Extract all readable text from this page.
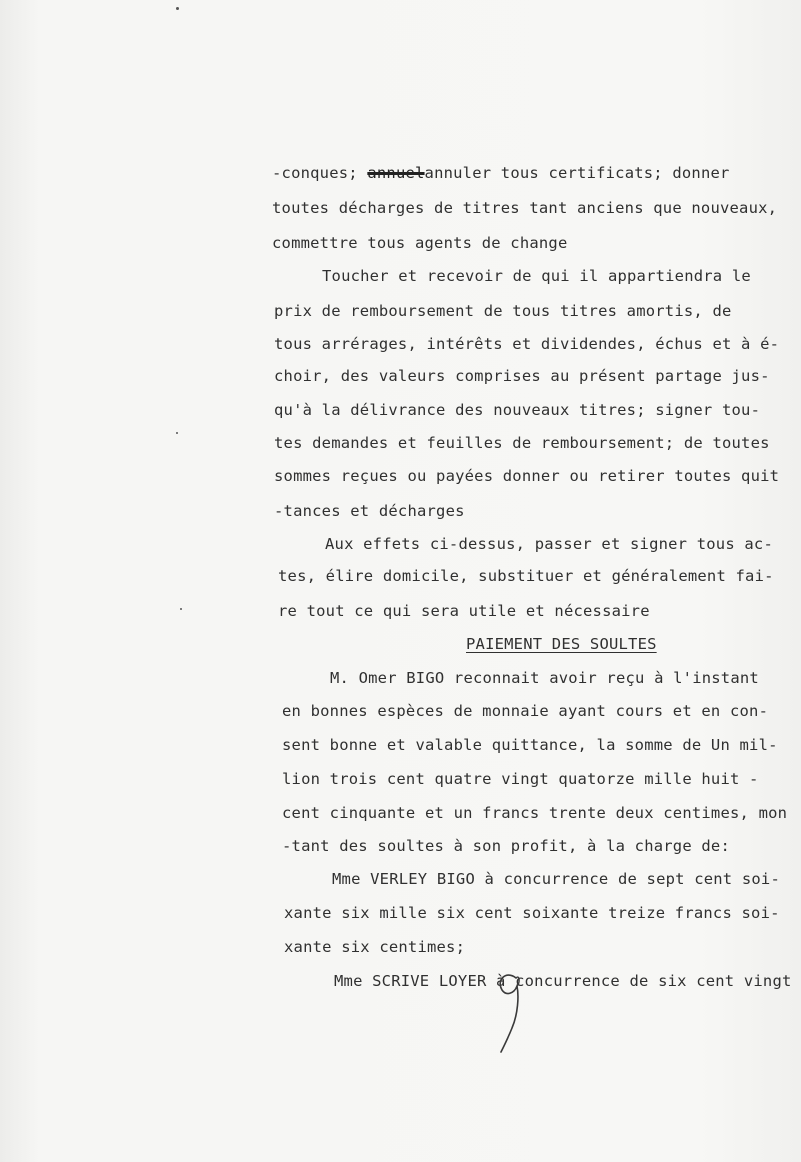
-conques; annuelannuler tous certificats; donner
toutes décharges de titres tant anciens que nouveaux,
commettre tous agents de change
Toucher et recevoir de qui il appartiendra le
prix de remboursement de tous titres amortis, de
tous arrérages, intérêts et dividendes, échus et à é-
choir, des valeurs comprises au présent partage jus-
qu'à la délivrance des nouveaux titres; signer tou-
tes demandes et feuilles de remboursement; de toutes
sommes reçues ou payées donner ou retirer toutes quit
-tances et décharges
Aux effets ci-dessus, passer et signer tous ac-
tes, élire domicile, substituer et généralement fai-
re tout ce qui sera utile et nécessaire
PAIEMENT DES SOULTES
M. Omer BIGO reconnait avoir reçu à l'instant
en bonnes espèces de monnaie ayant cours et en con-
sent bonne et valable quittance, la somme de Un mil-
lion trois cent quatre vingt quatorze mille huit -
cent cinquante et un francs trente deux centimes, mon
-tant des soultes à son profit, à la charge de:
Mme VERLEY BIGO à concurrence de sept cent soi-
xante six mille six cent soixante treize francs soi-
xante six centimes;
Mme SCRIVE LOYER à concurrence de six cent vingt
